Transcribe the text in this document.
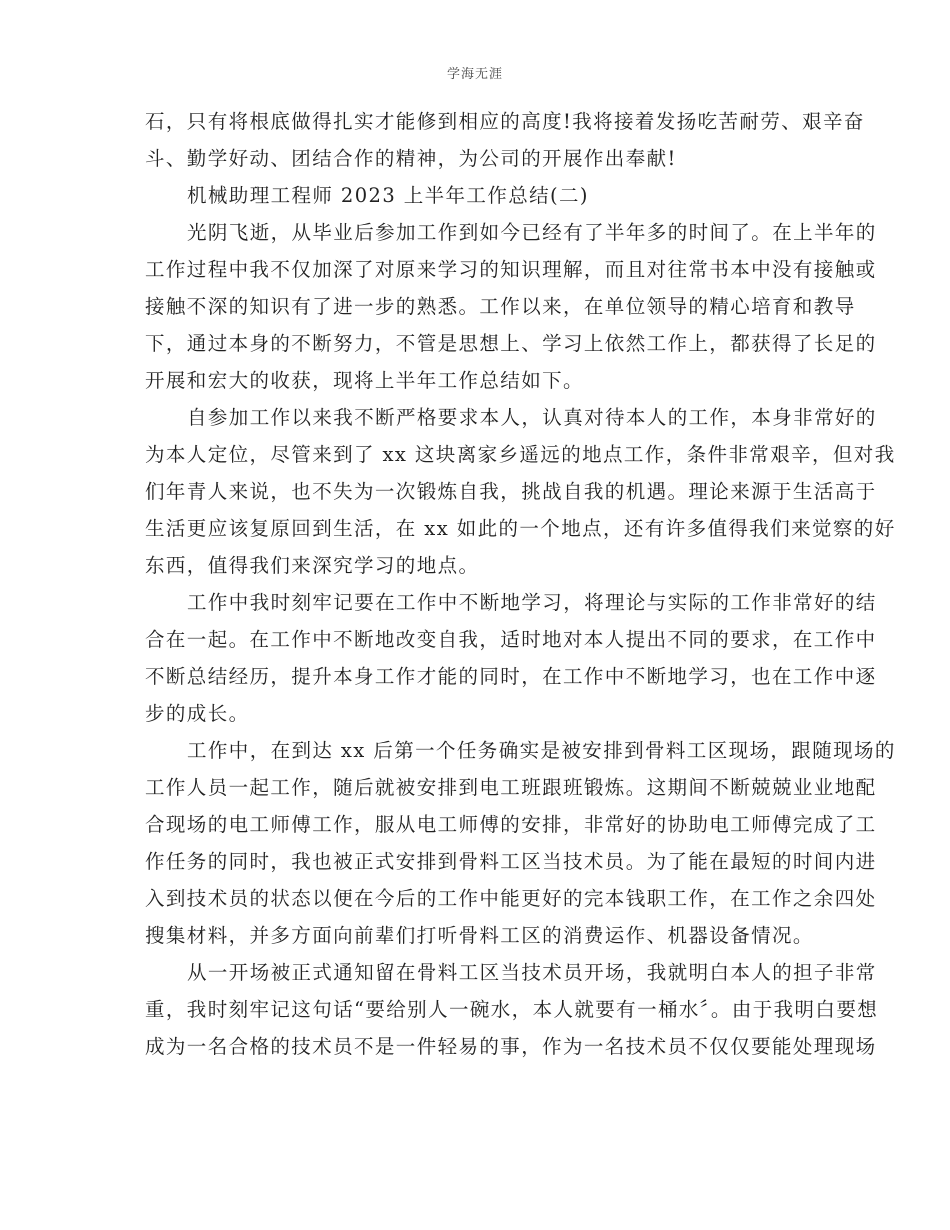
学海无涯
石，只有将根底做得扎实才能修到相应的高度!我将接着发扬吃苦耐劳、艰辛奋
斗、勤学好动、团结合作的精神，为公司的开展作出奉献!
机械助理工程师 2023 上半年工作总结(二)
光阴飞逝，从毕业后参加工作到如今已经有了半年多的时间了。在上半年的
工作过程中我不仅加深了对原来学习的知识理解，而且对往常书本中没有接触或
接触不深的知识有了进一步的熟悉。工作以来，在单位领导的精心培育和教导
下，通过本身的不断努力，不管是思想上、学习上依然工作上，都获得了长足的
开展和宏大的收获，现将上半年工作总结如下。
自参加工作以来我不断严格要求本人，认真对待本人的工作，本身非常好的
为本人定位，尽管来到了 xx 这块离家乡遥远的地点工作，条件非常艰辛，但对我
们年青人来说，也不失为一次锻炼自我，挑战自我的机遇。理论来源于生活高于
生活更应该复原回到生活，在 xx 如此的一个地点，还有许多值得我们来觉察的好
东西，值得我们来深究学习的地点。
工作中我时刻牢记要在工作中不断地学习，将理论与实际的工作非常好的结
合在一起。在工作中不断地改变自我，适时地对本人提出不同的要求，在工作中
不断总结经历，提升本身工作才能的同时，在工作中不断地学习，也在工作中逐
步的成长。
工作中，在到达 xx 后第一个任务确实是被安排到骨料工区现场，跟随现场的
工作人员一起工作，随后就被安排到电工班跟班锻炼。这期间不断兢兢业业地配
合现场的电工师傅工作，服从电工师傅的安排，非常好的协助电工师傅完成了工
作任务的同时，我也被正式安排到骨料工区当技术员。为了能在最短的时间内进
入到技术员的状态以便在今后的工作中能更好的完本钱职工作，在工作之余四处
搜集材料，并多方面向前辈们打听骨料工区的消费运作、机器设备情况。
从一开场被正式通知留在骨料工区当技术员开场，我就明白本人的担子非常
重，我时刻牢记这句话“要给别人一碗水，本人就要有一桶水〞。由于我明白要想
成为一名合格的技术员不是一件轻易的事，作为一名技术员不仅仅要能处理现场
